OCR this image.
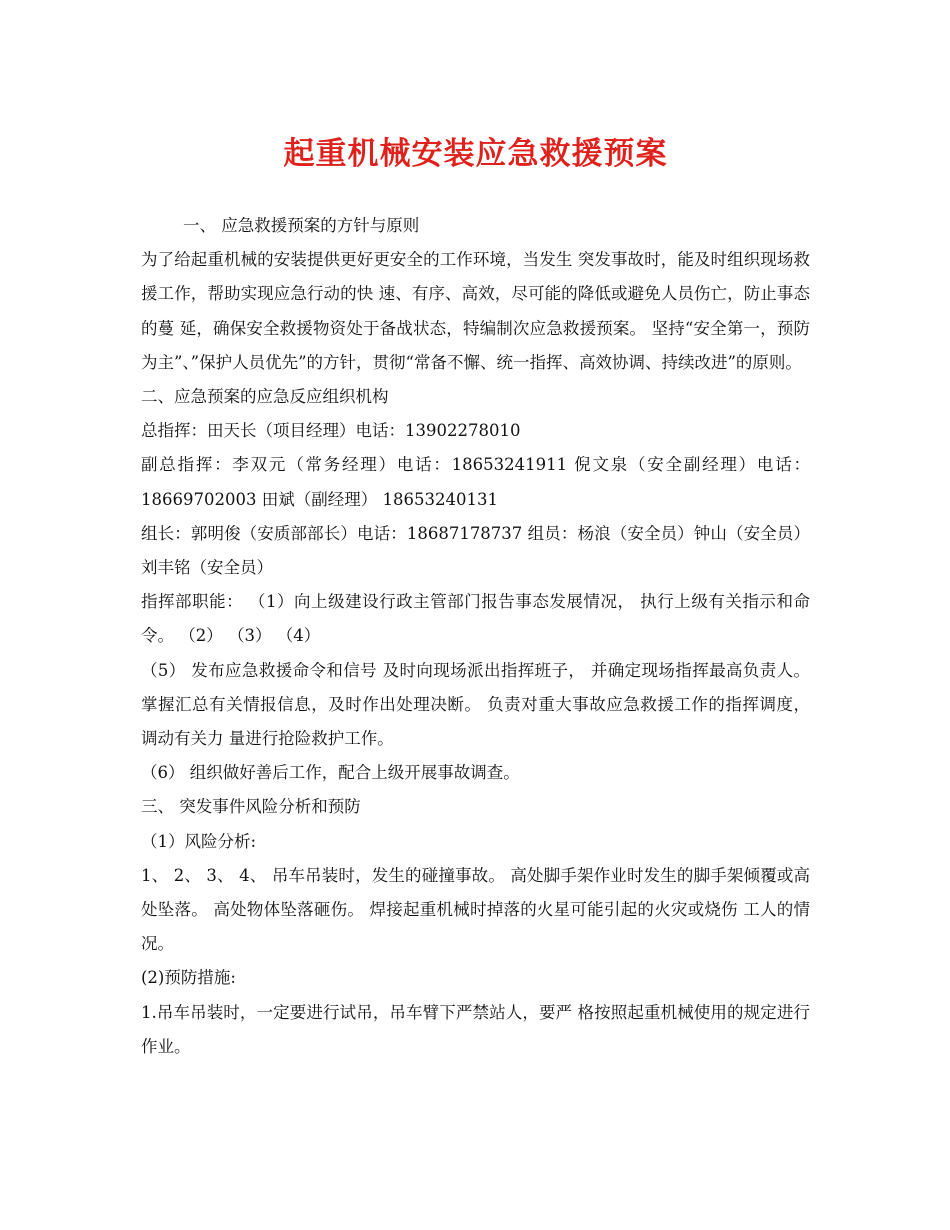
起重机械安装应急救援预案

一、 应急救援预案的方针与原则

为了给起重机械的安装提供更好更安全的工作环境，当发生 突发事故时，能及时组织现场救援工作，帮助实现应急行动的快 速、有序、高效，尽可能的降低或避免人员伤亡，防止事态的蔓 延，确保安全救援物资处于备战状态，特编制次应急救援预案。 坚持“安全第一，预防为主”、”保护人员优先”的方针，贯彻“常备不懈、统一指挥、高效协调、持续改进”的原则。

二、应急预案的应急反应组织机构

总指挥：田天长（项目经理）电话：13902278010

副总指挥：李双元（常务经理）电话：18653241911 倪文泉（安全副经理）电话：18669702003 田斌（副经理） 18653240131

组长：郭明俊（安质部部长）电话：18687178737 组员：杨浪（安全员）钟山（安全员）刘丰铭（安全员）

指挥部职能： （1）向上级建设行政主管部门报告事态发展情况， 执行上级有关指示和命令。 （2） （3） （4）

（5） 发布应急救援命令和信号 及时向现场派出指挥班子， 并确定现场指挥最高负责人。 掌握汇总有关情报信息，及时作出处理决断。 负责对重大事故应急救援工作的指挥调度， 调动有关力 量进行抢险救护工作。

（6） 组织做好善后工作，配合上级开展事故调查。

三、 突发事件风险分析和预防

（1）风险分析:

1、 2、 3、 4、 吊车吊装时，发生的碰撞事故。 高处脚手架作业时发生的脚手架倾覆或高处坠落。 高处物体坠落砸伤。 焊接起重机械时掉落的火星可能引起的火灾或烧伤 工人的情况。

(2)预防措施:

1.吊车吊装时，一定要进行试吊，吊车臂下严禁站人，要严 格按照起重机械使用的规定进行作业。
